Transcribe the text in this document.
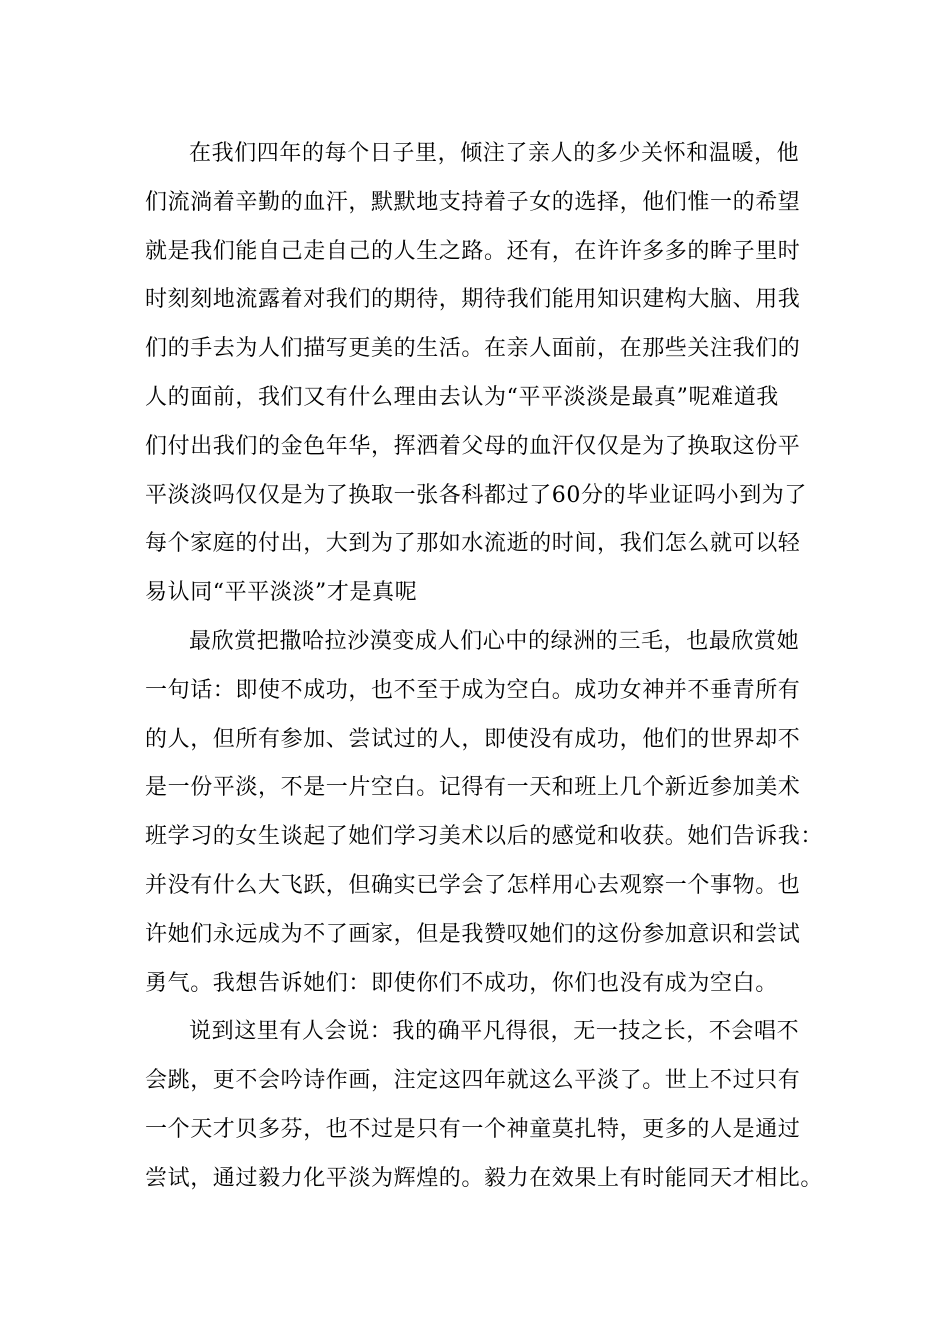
在我们四年的每个日子里，倾注了亲人的多少关怀和温暖，他
们流淌着辛勤的血汗，默默地支持着子女的选择，他们惟一的希望
就是我们能自己走自己的人生之路。还有，在许许多多的眸子里时
时刻刻地流露着对我们的期待，期待我们能用知识建构大脑、用我
们的手去为人们描写更美的生活。在亲人面前，在那些关注我们的
人的面前，我们又有什么理由去认为“平平淡淡是最真”呢难道我
们付出我们的金色年华，挥洒着父母的血汗仅仅是为了换取这份平
平淡淡吗仅仅是为了换取一张各科都过了60分的毕业证吗小到为了
每个家庭的付出，大到为了那如水流逝的时间，我们怎么就可以轻
易认同“平平淡淡”才是真呢
最欣赏把撒哈拉沙漠变成人们心中的绿洲的三毛，也最欣赏她
一句话：即使不成功，也不至于成为空白。成功女神并不垂青所有
的人，但所有参加、尝试过的人，即使没有成功，他们的世界却不
是一份平淡，不是一片空白。记得有一天和班上几个新近参加美术
班学习的女生谈起了她们学习美术以后的感觉和收获。她们告诉我：
并没有什么大飞跃，但确实已学会了怎样用心去观察一个事物。也
许她们永远成为不了画家，但是我赞叹她们的这份参加意识和尝试
勇气。我想告诉她们：即使你们不成功，你们也没有成为空白。
说到这里有人会说：我的确平凡得很，无一技之长，不会唱不
会跳，更不会吟诗作画，注定这四年就这么平淡了。世上不过只有
一个天才贝多芬，也不过是只有一个神童莫扎特，更多的人是通过
尝试，通过毅力化平淡为辉煌的。毅力在效果上有时能同天才相比。
